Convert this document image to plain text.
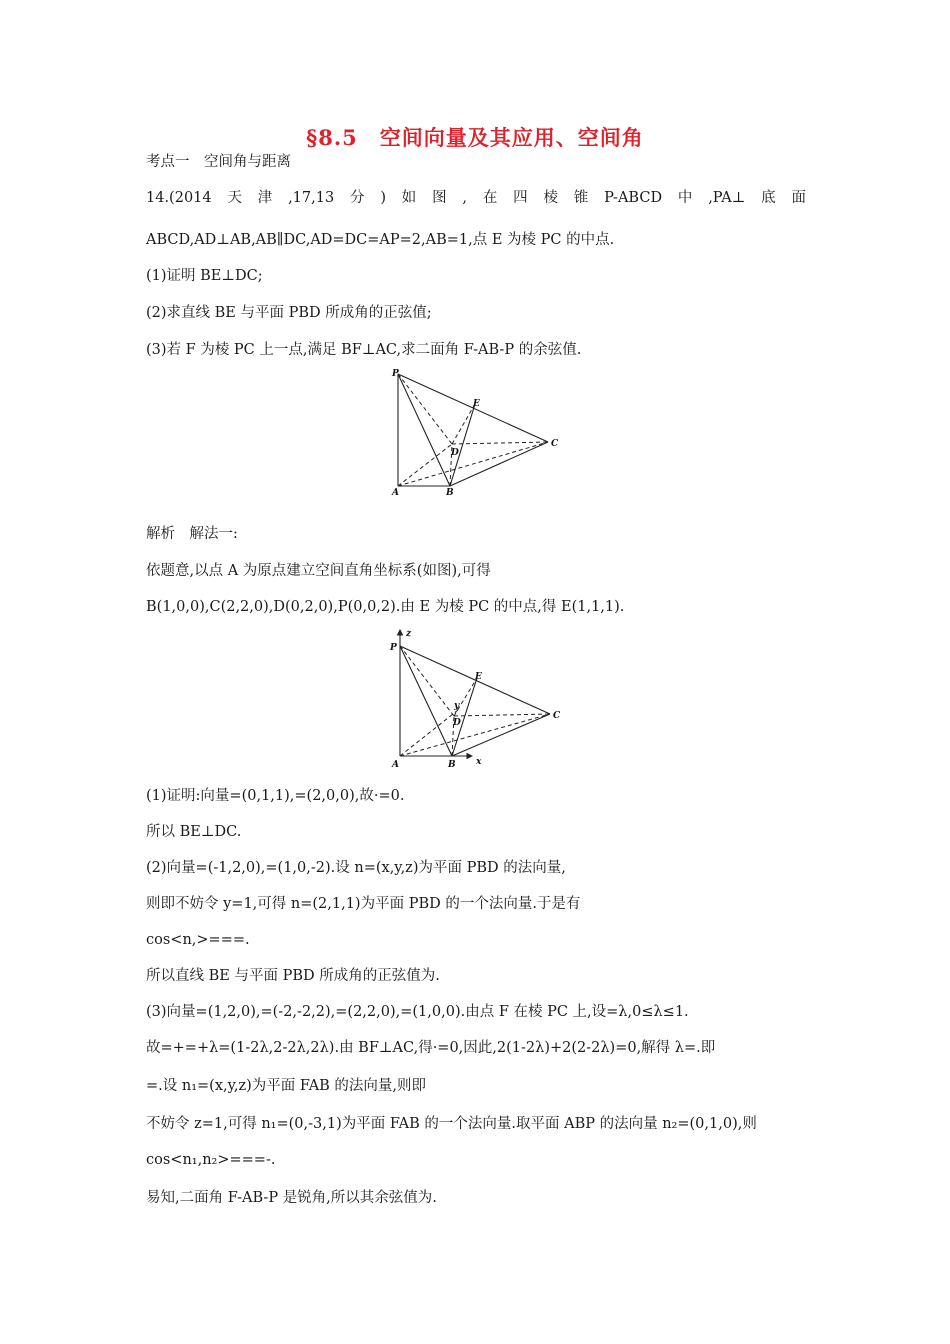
§8.5　空间向量及其应用、空间角
考点一　空间角与距离
14.(2014 天 津 ,17,13 分 ) 如 图 , 在 四 棱 锥 P-ABCD 中 ,PA⊥ 底 面
ABCD,AD⊥AB,AB∥DC,AD=DC=AP=2,AB=1,点 E 为棱 PC 的中点.
(1)证明 BE⊥DC;
(2)求直线 BE 与平面 PBD 所成角的正弦值;
(3)若 F 为棱 PC 上一点,满足 BF⊥AC,求二面角 F-AB-P 的余弦值.
P
E
D
C
A	B
解析　解法一:
依题意,以点 A 为原点建立空间直角坐标系(如图),可得
B(1,0,0),C(2,2,0),D(0,2,0),P(0,0,2).由 E 为棱 PC 的中点,得 E(1,1,1).
z
P
E
y
D
C
A	B x
(1)证明:向量=(0,1,1),=(2,0,0),故·=0.
所以 BE⊥DC.
(2)向量=(-1,2,0),=(1,0,-2).设 n=(x,y,z)为平面 PBD 的法向量,
则即不妨令 y=1,可得 n=(2,1,1)为平面 PBD 的一个法向量.于是有
cos<n,>===.
所以直线 BE 与平面 PBD 所成角的正弦值为.
(3)向量=(1,2,0),=(-2,-2,2),=(2,2,0),=(1,0,0).由点 F 在棱 PC 上,设=λ,0≤λ≤1.
故=+=+λ=(1-2λ,2-2λ,2λ).由 BF⊥AC,得·=0,因此,2(1-2λ)+2(2-2λ)=0,解得 λ=.即
=.设 n₁=(x,y,z)为平面 FAB 的法向量,则即
不妨令 z=1,可得 n₁=(0,-3,1)为平面 FAB 的一个法向量.取平面 ABP 的法向量 n₂=(0,1,0),则
cos<n₁,n₂>===-.
易知,二面角 F-AB-P 是锐角,所以其余弦值为.
